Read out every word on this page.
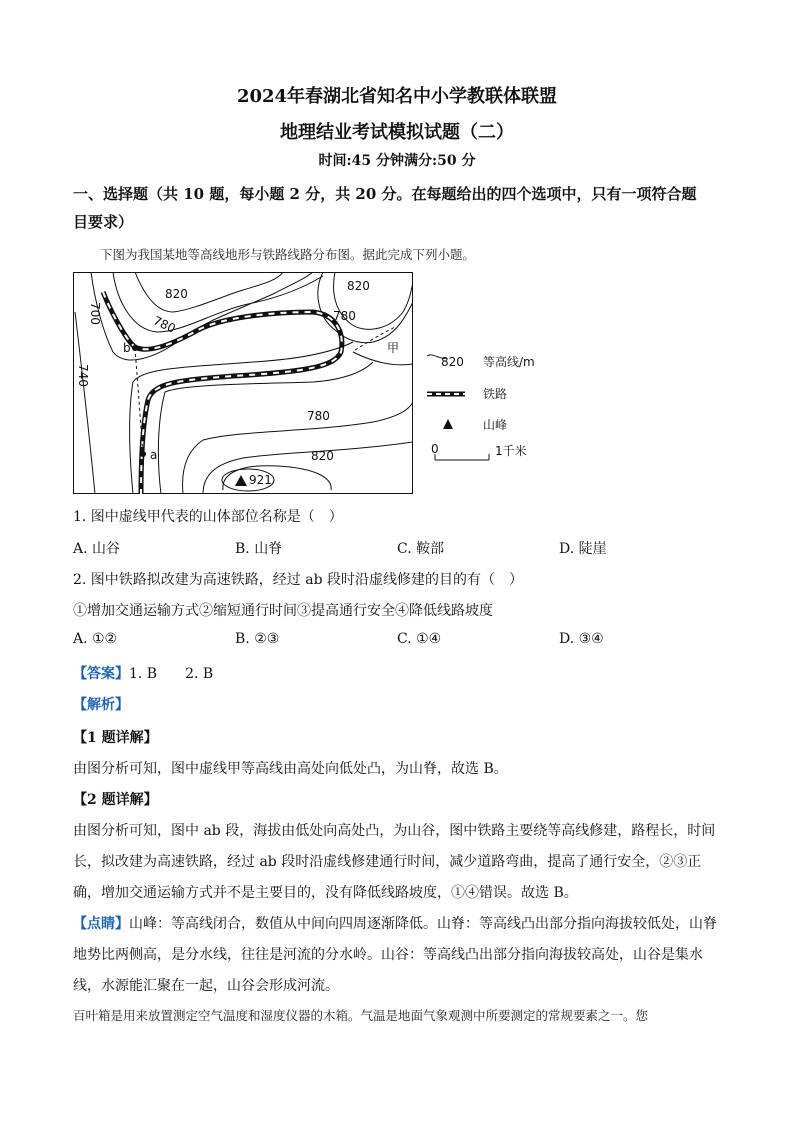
2024年春湖北省知名中小学教联体联盟
地理结业考试模拟试题（二）
时间:45 分钟满分:50 分
一、选择题（共 10 题，每小题 2 分，共 20 分。在每题给出的四个选项中，只有一项符合题
目要求）
下图为我国某地等高线地形与铁路线路分布图。据此完成下列小题。
820
780
700
820
780
740
780
820
921
b
a
甲
820 等高线/m
铁路
山峰
0	1千米
1. 图中虚线甲代表的山体部位名称是（　）
A. 山谷	B. 山脊	C. 鞍部	D. 陡崖
2. 图中铁路拟改建为高速铁路，经过 ab 段时沿虚线修建的目的有（　）
①增加交通运输方式②缩短通行时间③提高通行安全④降低线路坡度
A. ①②	B. ②③	C. ①④	D. ③④
【答案】1. B　　2. B
【解析】
【1 题详解】
由图分析可知，图中虚线甲等高线由高处向低处凸，为山脊，故选 B。
【2 题详解】
由图分析可知，图中 ab 段，海拔由低处向高处凸，为山谷，图中铁路主要绕等高线修建，路程长，时间
长，拟改建为高速铁路，经过 ab 段时沿虚线修建通行时间，减少道路弯曲，提高了通行安全，②③正
确，增加交通运输方式并不是主要目的，没有降低线路坡度，①④错误。故选 B。
【点睛】山峰：等高线闭合，数值从中间向四周逐渐降低。山脊：等高线凸出部分指向海拔较低处，山脊
地势比两侧高，是分水线，往往是河流的分水岭。山谷：等高线凸出部分指向海拔较高处，山谷是集水
线，水源能汇聚在一起，山谷会形成河流。
百叶箱是用来放置测定空气温度和湿度仪器的木箱。气温是地面气象观测中所要测定的常规要素之一。您
